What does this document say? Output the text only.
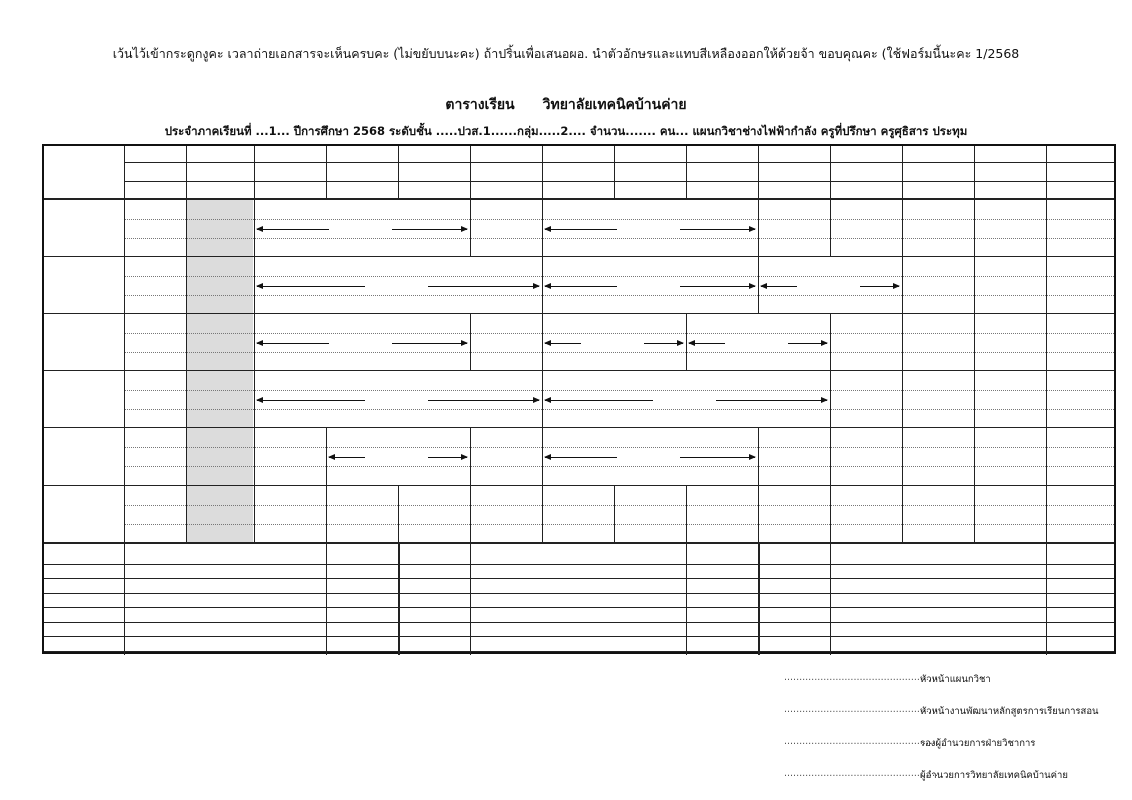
เว้นไว้เข้ากระดูกงูคะ เวลาถ่ายเอกสารจะเห็นครบคะ (ไม่ขยับบนะคะ) ถ้าปริ้นเพื่อเสนอผอ. นำตัวอักษรและแทบสีเหลืองออกให้ด้วยจ้า ขอบคุณคะ (ใช้ฟอร์มนี้นะคะ 1/2568
ตารางเรียน วิทยาลัยเทคนิคบ้านค่าย
ประจำภาคเรียนที่ ...1... ปีการศึกษา 2568 ระดับชั้น .....ปวส.1......กลุ่ม.....2.... จำนวน....... คน... แผนกวิชาช่างไฟฟ้ากำลัง ครูที่ปรึกษา ครูศุธิสาร ประทุม
...................................................
หัวหน้าแผนกวิชา
...................................................
หัวหน้างานพัฒนาหลักสูตรการเรียนการสอน
...................................................
รองผู้อำนวยการฝ่ายวิชาการ
...................................................
ผู้อำนวยการวิทยาลัยเทคนิคบ้านค่าย
